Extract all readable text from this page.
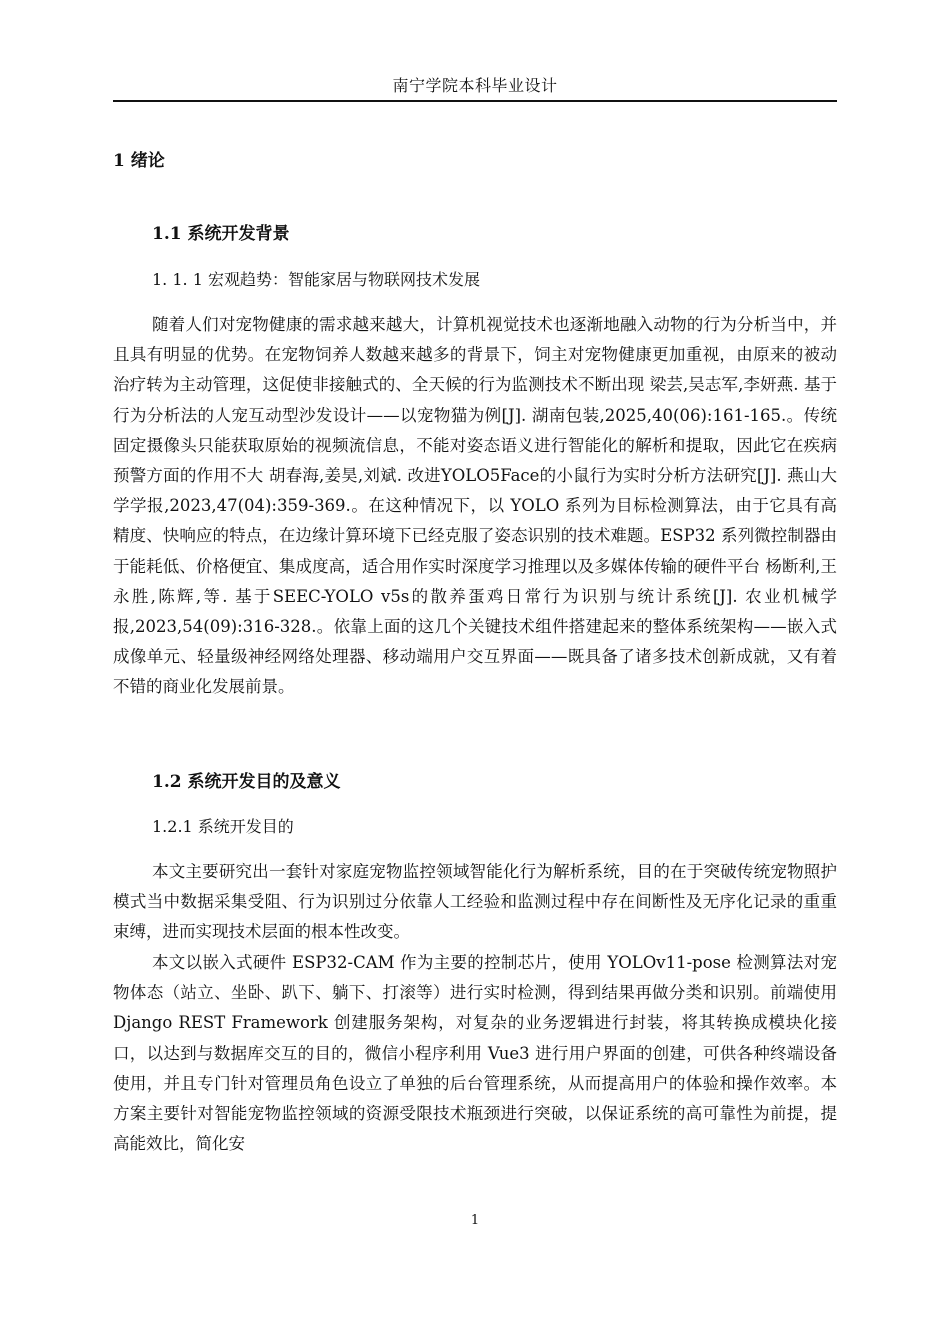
南宁学院本科毕业设计
1 绪论
1.1 系统开发背景
1. 1. 1 宏观趋势：智能家居与物联网技术发展

随着人们对宠物健康的需求越来越大，计算机视觉技术也逐渐地融入动物的行为分析当中，并且具有明显的优势。在宠物饲养人数越来越多的背景下，饲主对宠物健康更加重视，由原来的被动治疗转为主动管理，这促使非接触式的、全天候的行为监测技术不断出现 梁芸,吴志军,李妍燕. 基于行为分析法的人宠互动型沙发设计——以宠物猫为例[J]. 湖南包装,2025,40(06):161-165.。传统固定摄像头只能获取原始的视频流信息，不能对姿态语义进行智能化的解析和提取，因此它在疾病预警方面的作用不大 胡春海,姜昊,刘斌. 改进YOLO5Face的小鼠行为实时分析方法研究[J]. 燕山大学学报,2023,47(04):359-369.。在这种情况下，以 YOLO 系列为目标检测算法，由于它具有高精度、快响应的特点，在边缘计算环境下已经克服了姿态识别的技术难题。ESP32 系列微控制器由于能耗低、价格便宜、集成度高，适合用作实时深度学习推理以及多媒体传输的硬件平台 杨断利,王永胜,陈辉,等. 基于SEEC-YOLO v5s的散养蛋鸡日常行为识别与统计系统[J]. 农业机械学报,2023,54(09):316-328.。依靠上面的这几个关键技术组件搭建起来的整体系统架构——嵌入式成像单元、轻量级神经网络处理器、移动端用户交互界面——既具备了诸多技术创新成就，又有着不错的商业化发展前景。

1.2 系统开发目的及意义
1.2.1 系统开发目的

本文主要研究出一套针对家庭宠物监控领域智能化行为解析系统，目的在于突破传统宠物照护模式当中数据采集受阻、行为识别过分依靠人工经验和监测过程中存在间断性及无序化记录的重重束缚，进而实现技术层面的根本性改变。

本文以嵌入式硬件 ESP32-CAM 作为主要的控制芯片，使用 YOLOv11-pose 检测算法对宠物体态（站立、坐卧、趴下、躺下、打滚等）进行实时检测，得到结果再做分类和识别。前端使用 Django REST Framework 创建服务架构，对复杂的业务逻辑进行封装，将其转换成模块化接口，以达到与数据库交互的目的，微信小程序利用 Vue3 进行用户界面的创建，可供各种终端设备使用，并且专门针对管理员角色设立了单独的后台管理系统，从而提高用户的体验和操作效率。本方案主要针对智能宠物监控领域的资源受限技术瓶颈进行突破，以保证系统的高可靠性为前提，提高能效比，简化安

1
